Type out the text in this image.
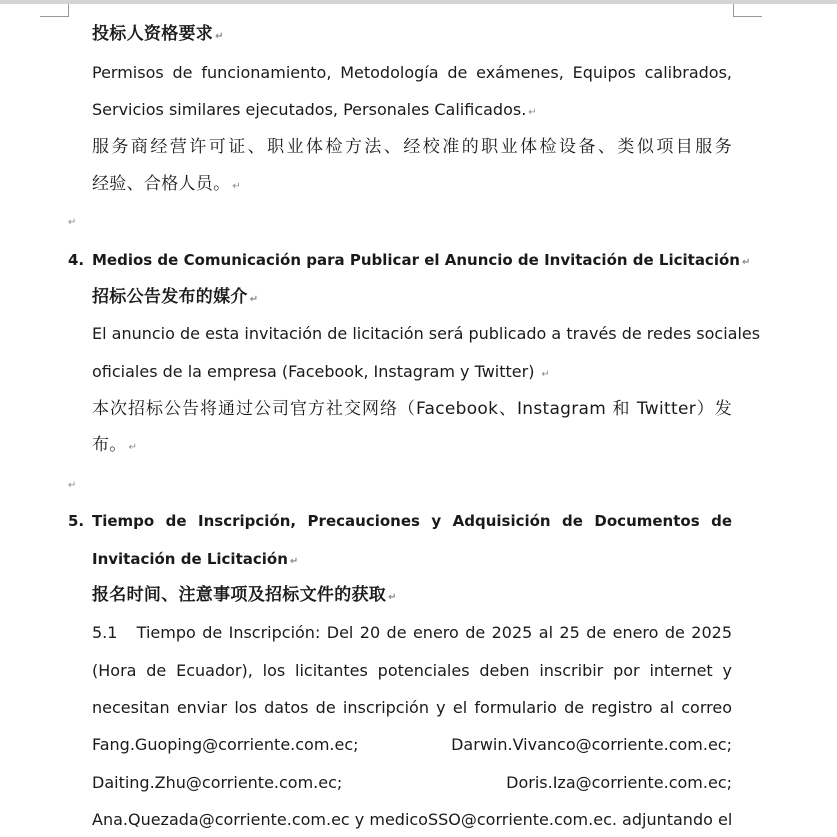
投标人资格要求 ↵
Permisos de funcionamiento, Metodología de exámenes, Equipos calibrados,
Servicios similares ejecutados, Personales Calificados. ↵
服务商经营许可证、职业体检方法、经校准的职业体检设备、类似项目服务
经验、合格人员。 ↵
↵
4. Medios de Comunicación para Publicar el Anuncio de Invitación de Licitación ↵
招标公告发布的媒介 ↵
El anuncio de esta invitación de licitación será publicado a través de redes sociales
oficiales de la empresa (Facebook, Instagram y Twitter) ↵
本次招标公告将通过公司官方社交网络（Facebook、Instagram 和 Twitter）发
布。 ↵
↵
5. Tiempo de Inscripción, Precauciones y Adquisición de Documentos de
Invitación de Licitación ↵
报名时间、注意事项及招标文件的获取 ↵
5.1   Tiempo de Inscripción: Del 20 de enero de 2025 al 25 de enero de 2025
(Hora de Ecuador), los licitantes potenciales deben inscribir por internet y
necesitan enviar los datos de inscripción y el formulario de registro al correo
Fang.Guoping@corriente.com.ec;	Darwin.Vivanco@corriente.com.ec;
Daiting.Zhu@corriente.com.ec;	Doris.Iza@corriente.com.ec;
Ana.Quezada@corriente.com.ec y medicoSSO@corriente.com.ec. adjuntando el
